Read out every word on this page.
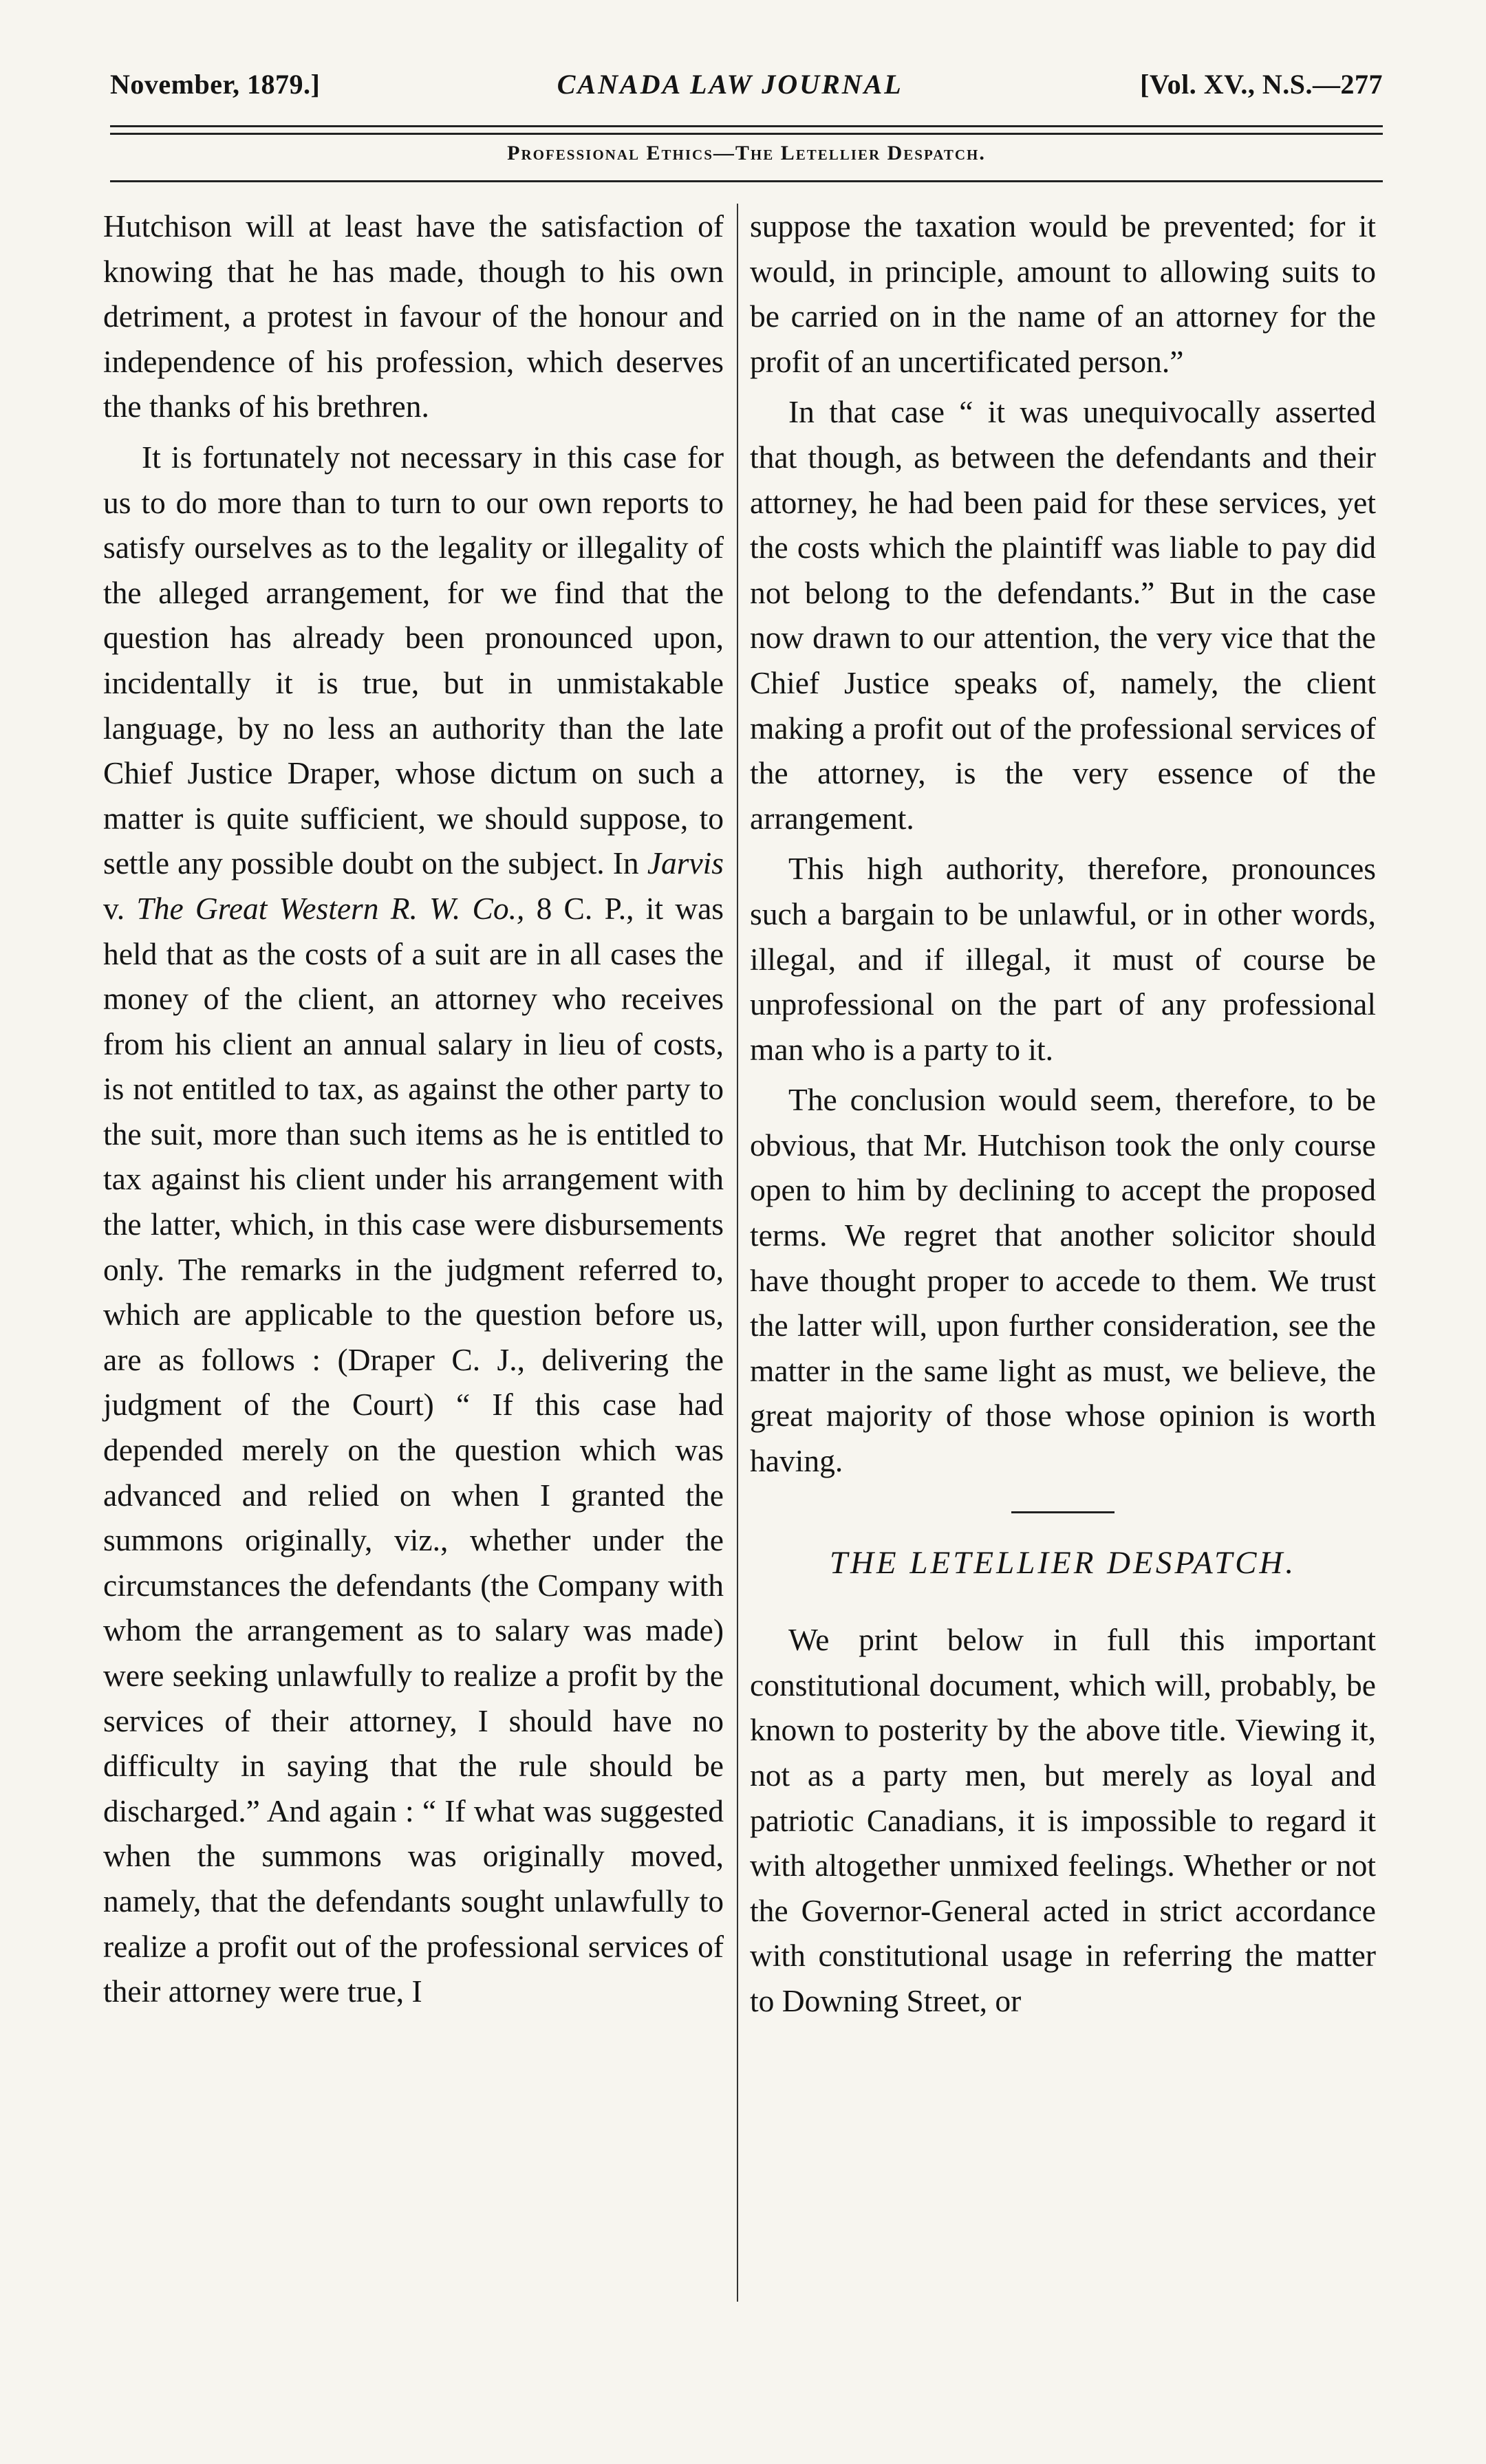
November, 1879.]	CANADA LAW JOURNAL	[Vol. XV., N.S.—277
Professional Ethics—The Letellier Despatch.

Hutchison will at least have the satisfaction of knowing that he has made, though to his own detriment, a protest in favour of the honour and independence of his profession, which deserves the thanks of his brethren.

It is fortunately not necessary in this case for us to do more than to turn to our own reports to satisfy ourselves as to the legality or illegality of the alleged arrangement, for we find that the question has already been pronounced upon, incidentally it is true, but in unmistakable language, by no less an authority than the late Chief Justice Draper, whose dictum on such a matter is quite sufficient, we should suppose, to settle any possible doubt on the subject. In Jarvis v. The Great Western R. W. Co., 8 C. P., it was held that as the costs of a suit are in all cases the money of the client, an attorney who receives from his client an annual salary in lieu of costs, is not entitled to tax, as against the other party to the suit, more than such items as he is entitled to tax against his client under his arrangement with the latter, which, in this case were disbursements only. The remarks in the judgment referred to, which are applicable to the question before us, are as follows : (Draper C. J., delivering the judgment of the Court) “ If this case had depended merely on the question which was advanced and relied on when I granted the summons originally, viz., whether under the circumstances the defendants (the Company with whom the arrangement as to salary was made) were seeking unlawfully to realize a profit by the services of their attorney, I should have no difficulty in saying that the rule should be discharged.” And again : “ If what was suggested when the summons was originally moved, namely, that the defendants sought unlawfully to realize a profit out of the professional services of their attorney were true, I

suppose the taxation would be prevented; for it would, in principle, amount to allowing suits to be carried on in the name of an attorney for the profit of an uncertificated person.”

In that case “ it was unequivocally asserted that though, as between the defendants and their attorney, he had been paid for these services, yet the costs which the plaintiff was liable to pay did not belong to the defendants.” But in the case now drawn to our attention, the very vice that the Chief Justice speaks of, namely, the client making a profit out of the professional services of the attorney, is the very essence of the arrangement.

This high authority, therefore, pronounces such a bargain to be unlawful, or in other words, illegal, and if illegal, it must of course be unprofessional on the part of any professional man who is a party to it.

The conclusion would seem, therefore, to be obvious, that Mr. Hutchison took the only course open to him by declining to accept the proposed terms. We regret that another solicitor should have thought proper to accede to them. We trust the latter will, upon further consideration, see the matter in the same light as must, we believe, the great majority of those whose opinion is worth having.

THE LETELLIER DESPATCH.

We print below in full this important constitutional document, which will, probably, be known to posterity by the above title. Viewing it, not as a party men, but merely as loyal and patriotic Canadians, it is impossible to regard it with altogether unmixed feelings. Whether or not the Governor-General acted in strict accordance with constitutional usage in referring the matter to Downing Street, or
